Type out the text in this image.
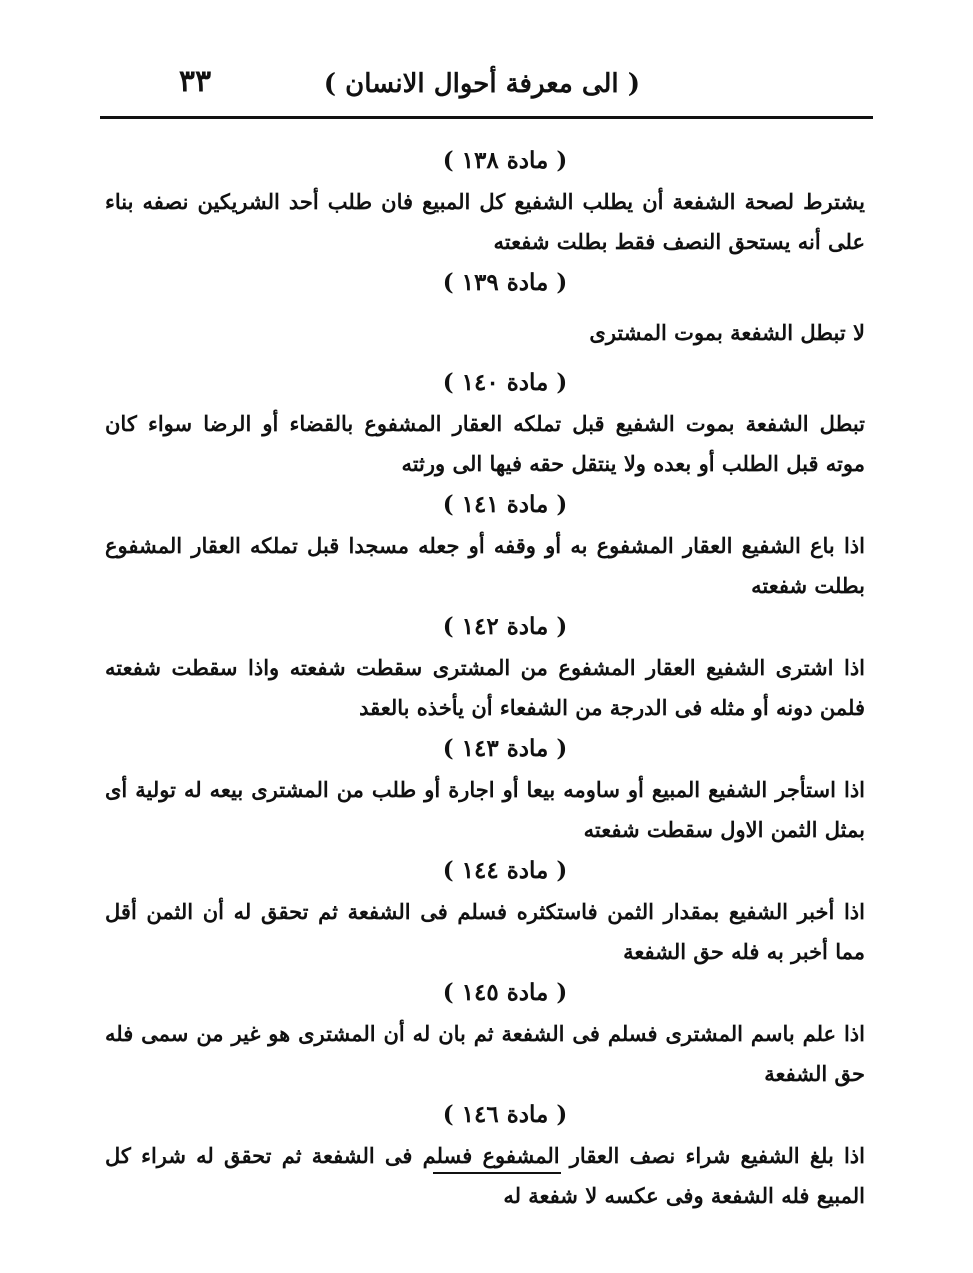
( الى معرفة أحوال الانسان )
٣٣
( مادة ١٣٨ )

يشترط لصحة الشفعة أن يطلب الشفيع كل المبيع فان طلب أحد الشريكين نصفه بناء على أنه يستحق النصف فقط بطلت شفعته

( مادة ١٣٩ )

لا تبطل الشفعة بموت المشترى

( مادة ١٤٠ )

تبطل الشفعة بموت الشفيع قبل تملكه العقار المشفوع بالقضاء أو الرضا سواء كان موته قبل الطلب أو بعده ولا ينتقل حقه فيها الى ورثته

( مادة ١٤١ )

اذا باع الشفيع العقار المشفوع به أو وقفه أو جعله مسجدا قبل تملكه العقار المشفوع بطلت شفعته

( مادة ١٤٢ )

اذا اشترى الشفيع العقار المشفوع من المشترى سقطت شفعته واذا سقطت شفعته فلمن دونه أو مثله فى الدرجة من الشفعاء أن يأخذه بالعقد

( مادة ١٤٣ )

اذا استأجر الشفيع المبيع أو ساومه بيعا أو اجارة أو طلب من المشترى بيعه له تولية أى بمثل الثمن الاول سقطت شفعته

( مادة ١٤٤ )

اذا أخبر الشفيع بمقدار الثمن فاستكثره فسلم فى الشفعة ثم تحقق له أن الثمن أقل مما أخبر به فله حق الشفعة

( مادة ١٤٥ )

اذا علم باسم المشترى فسلم فى الشفعة ثم بان له أن المشترى هو غير من سمى فله حق الشفعة

( مادة ١٤٦ )

اذا بلغ الشفيع شراء نصف العقار المشفوع فسلم فى الشفعة ثم تحقق له شراء كل المبيع فله الشفعة وفى عكسه لا شفعة له
